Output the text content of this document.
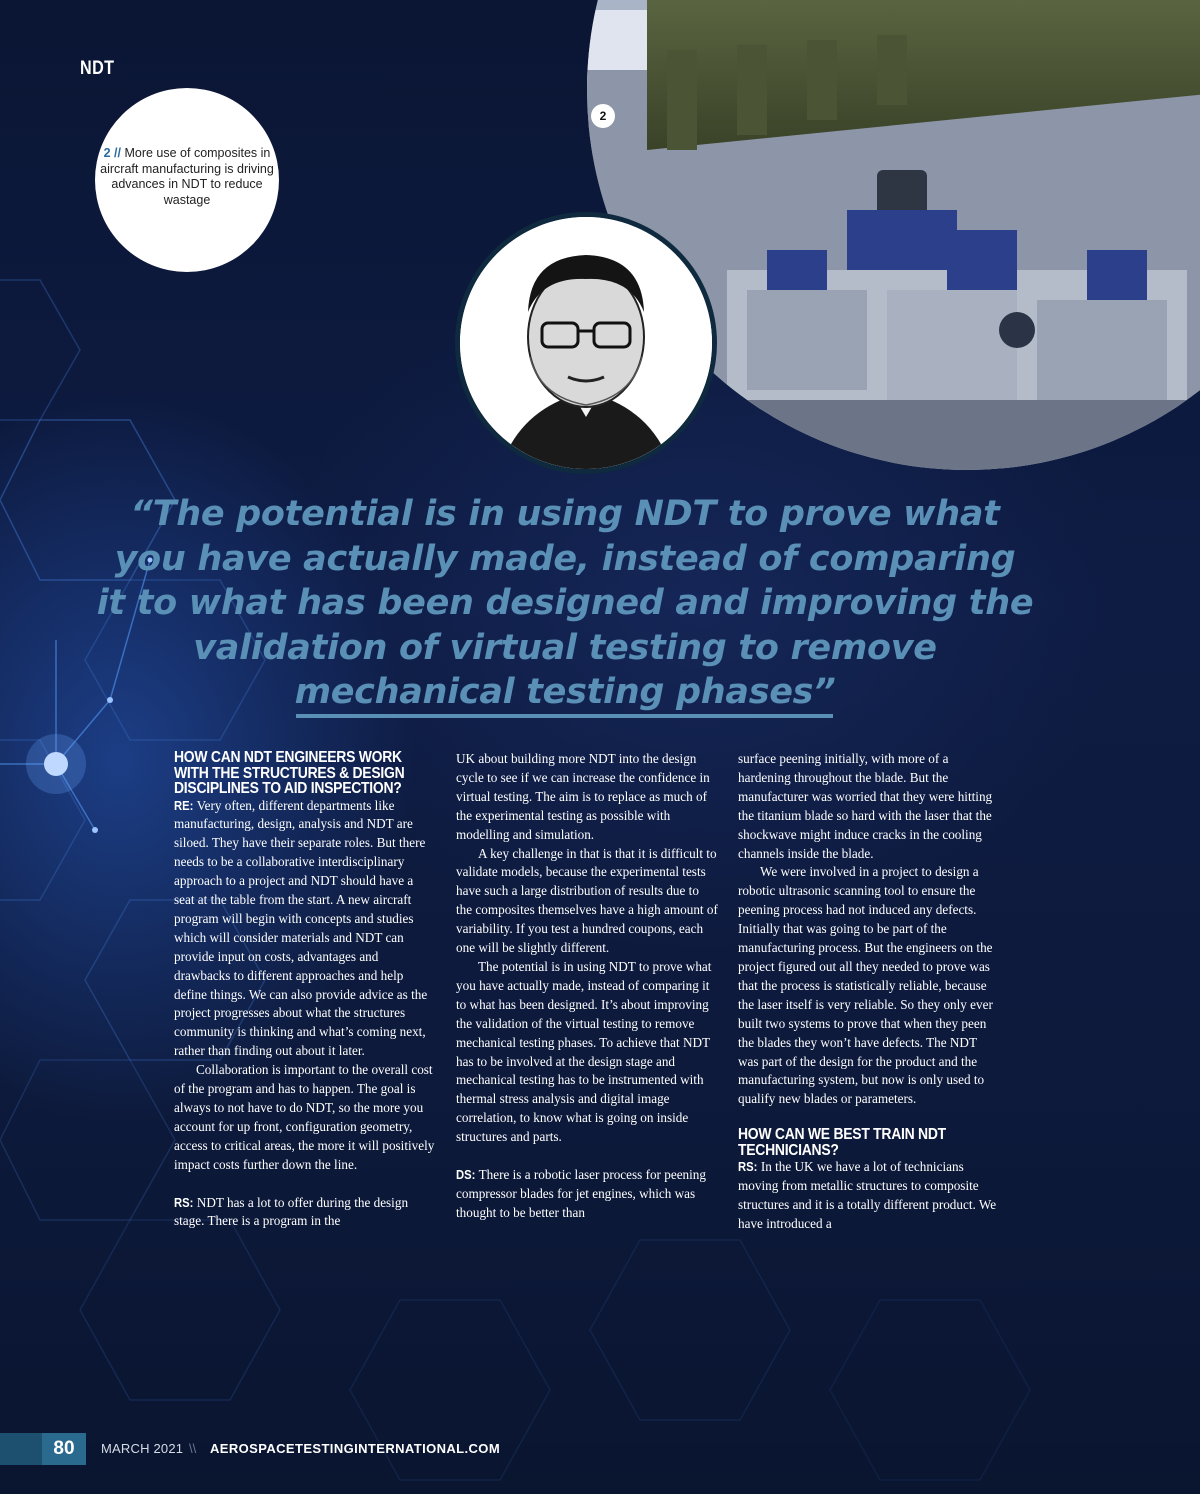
2
NDT
2 // More use of composites in aircraft manufacturing is driving advances in NDT to reduce wastage
“The potential is in using NDT to prove what you have actually made, instead of comparing it to what has been designed and improving the validation of virtual testing to remove mechanical testing phases”
HOW CAN NDT ENGINEERS WORK WITH THE STRUCTURES & DESIGN DISCIPLINES TO AID INSPECTION?

RE: Very often, different departments like manufacturing, design, analysis and NDT are siloed. They have their separate roles. But there needs to be a collaborative interdisciplinary approach to a project and NDT should have a seat at the table from the start. A new aircraft program will begin with concepts and studies which will consider materials and NDT can provide input on costs, advantages and drawbacks to different approaches and help define things. We can also provide advice as the project progresses about what the structures community is thinking and what’s coming next, rather than finding out about it later.

Collaboration is important to the overall cost of the program and has to happen. The goal is always to not have to do NDT, so the more you account for up front, configuration geometry, access to critical areas, the more it will positively impact costs further down the line.

RS: NDT has a lot to offer during the design stage. There is a program in the

UK about building more NDT into the design cycle to see if we can increase the confidence in virtual testing. The aim is to replace as much of the experimental testing as possible with modelling and simulation.

A key challenge in that is that it is difficult to validate models, because the experimental tests have such a large distribution of results due to the composites themselves have a high amount of variability. If you test a hundred coupons, each one will be slightly different.

The potential is in using NDT to prove what you have actually made, instead of comparing it to what has been designed. It’s about improving the validation of the virtual testing to remove mechanical testing phases. To achieve that NDT has to be involved at the design stage and mechanical testing has to be instrumented with thermal stress analysis and digital image correlation, to know what is going on inside structures and parts.

DS: There is a robotic laser process for peening compressor blades for jet engines, which was thought to be better than

surface peening initially, with more of a hardening throughout the blade. But the manufacturer was worried that they were hitting the titanium blade so hard with the laser that the shockwave might induce cracks in the cooling channels inside the blade.

We were involved in a project to design a robotic ultrasonic scanning tool to ensure the peening process had not induced any defects. Initially that was going to be part of the manufacturing process. But the engineers on the project figured out all they needed to prove was that the process is statistically reliable, because the laser itself is very reliable. So they only ever built two systems to prove that when they peen the blades they won’t have defects. The NDT was part of the design for the product and the manufacturing system, but now is only used to qualify new blades or parameters.

HOW CAN WE BEST TRAIN NDT TECHNICIANS?

RS: In the UK we have a lot of technicians moving from metallic structures to composite structures and it is a totally different product. We have introduced a

80	MARCH 2021 \\ AEROSPACETESTINGINTERNATIONAL.COM
